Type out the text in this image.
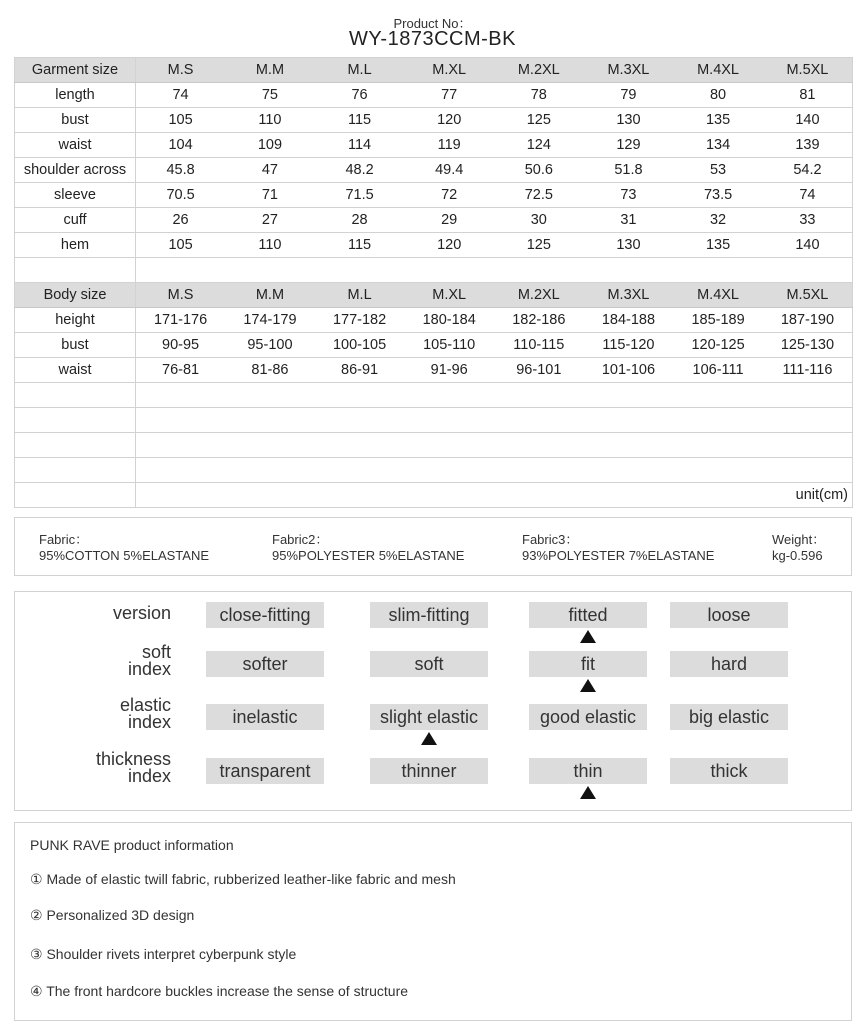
Product No：
WY-1873CCM-BK
Garment size	M.S	M.M	M.L	M.XL	M.2XL	M.3XL	M.4XL	M.5XL
length	74	75	76	77	78	79	80	81
bust	105	110	115	120	125	130	135	140
waist	104	109	114	119	124	129	134	139
shoulder across	45.8	47	48.2	49.4	50.6	51.8	53	54.2
sleeve	70.5	71	71.5	72	72.5	73	73.5	74
cuff	26	27	28	29	30	31	32	33
hem	105	110	115	120	125	130	135	140

Body size	M.S	M.M	M.L	M.XL	M.2XL	M.3XL	M.4XL	M.5XL
height	171-176	174-179	177-182	180-184	182-186	184-188	185-189	187-190
bust	90-95	95-100	100-105	105-110	110-115	115-120	120-125	125-130
waist	76-81	81-86	86-91	91-96	96-101	101-106	106-111	111-116

	unit(cm)							
Fabric：
95%COTTON 5%ELASTANE
Fabric2：
95%POLYESTER 5%ELASTANE
Fabric3：
93%POLYESTER 7%ELASTANE
Weight：
kg-0.596
version	close-fitting	slim-fitting	fitted	loose
soft
index	softer	soft	fit	hard
elastic
index	inelastic	slight elastic	good elastic	big elastic
thickness
index	transparent	thinner	thin	thick
PUNK RAVE product information
① Made of elastic twill fabric, rubberized leather-like fabric and mesh
② Personalized 3D design
③ Shoulder rivets interpret cyberpunk style
④ The front hardcore buckles increase the sense of structure
